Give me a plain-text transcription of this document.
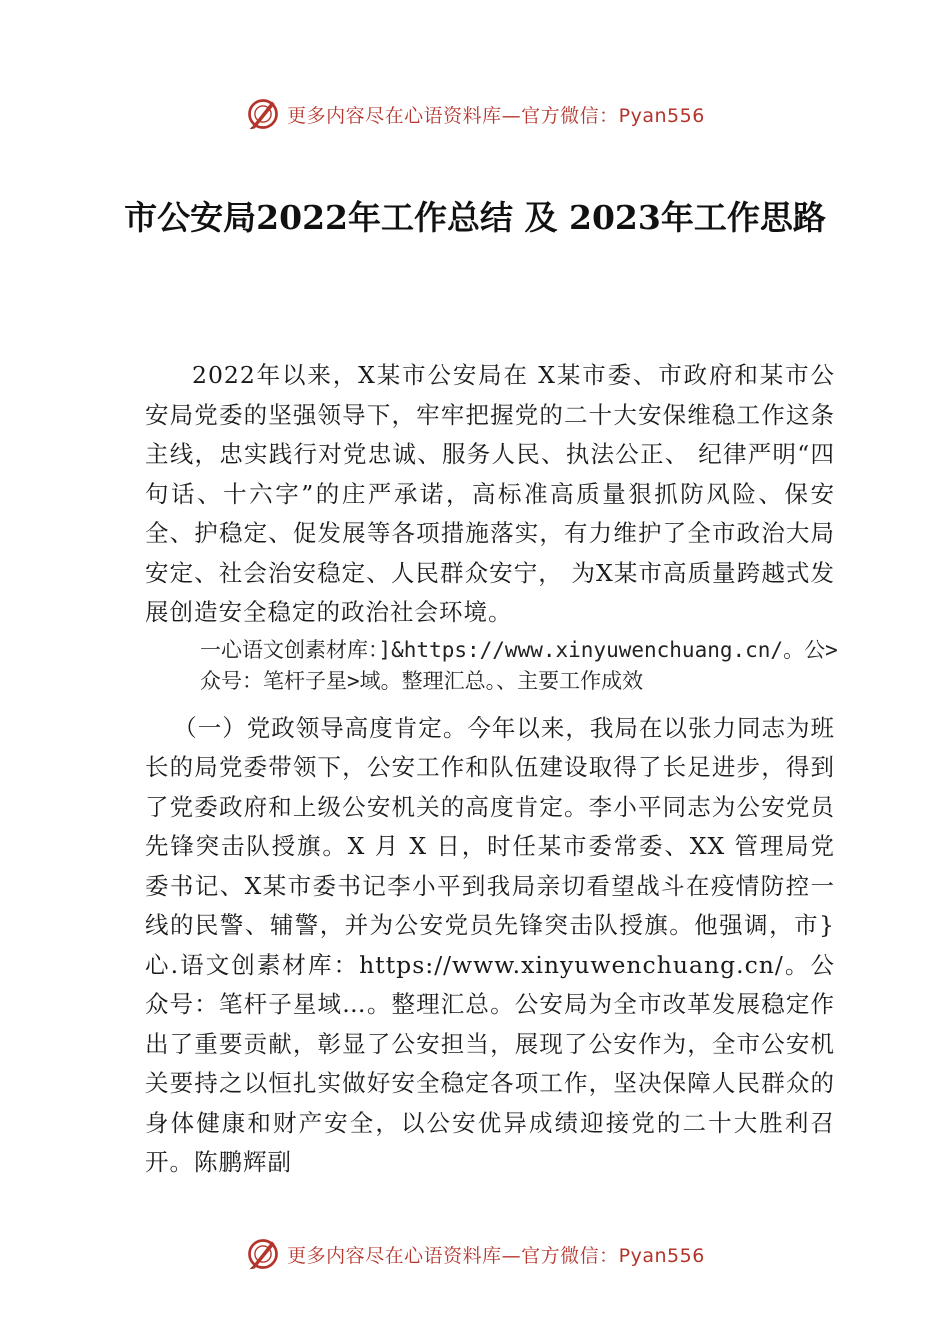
更多内容尽在心语资料库—官方微信：Pyan556
市公安局2022年工作总结 及 2023年工作思路

2022年以来，X某市公安局在 X某市委、市政府和某市公安局党委的坚强领导下，牢牢把握党的二十大安保维稳工作这条主线，忠实践行对党忠诚、服务人民、执法公正、 纪律严明“四句话、十六字”的庄严承诺，高标准高质量狠抓防风险、保安全、护稳定、促发展等各项措施落实，有力维护了全市政治大局安定、社会治安稳定、人民群众安宁， 为X某市高质量跨越式发展创造安全稳定的政治社会环境。

一心语文创素材库：]&https://www.xinyuwenchuang.cn/。公>众号：笔杆子星>域。整理汇总。、主要工作成效

（一）党政领导高度肯定。今年以来，我局在以张力同志为班长的局党委带领下，公安工作和队伍建设取得了长足进步，得到了党委政府和上级公安机关的高度肯定。李小平同志为公安党员先锋突击队授旗。X 月 X 日，时任某市委常委、XX 管理局党委书记、X某市委书记李小平到我局亲切看望战斗在疫情防控一线的民警、辅警，并为公安党员先锋突击队授旗。他强调，市}心.语文创素材库：https://www.xinyuwenchuang.cn/。公众号：笔杆子星域…。整理汇总。公安局为全市改革发展稳定作出了重要贡献，彰显了公安担当，展现了公安作为，全市公安机关要持之以恒扎实做好安全稳定各项工作，坚决保障人民群众的身体健康和财产安全，以公安优异成绩迎接党的二十大胜利召开。陈鹏辉副

更多内容尽在心语资料库—官方微信：Pyan556
